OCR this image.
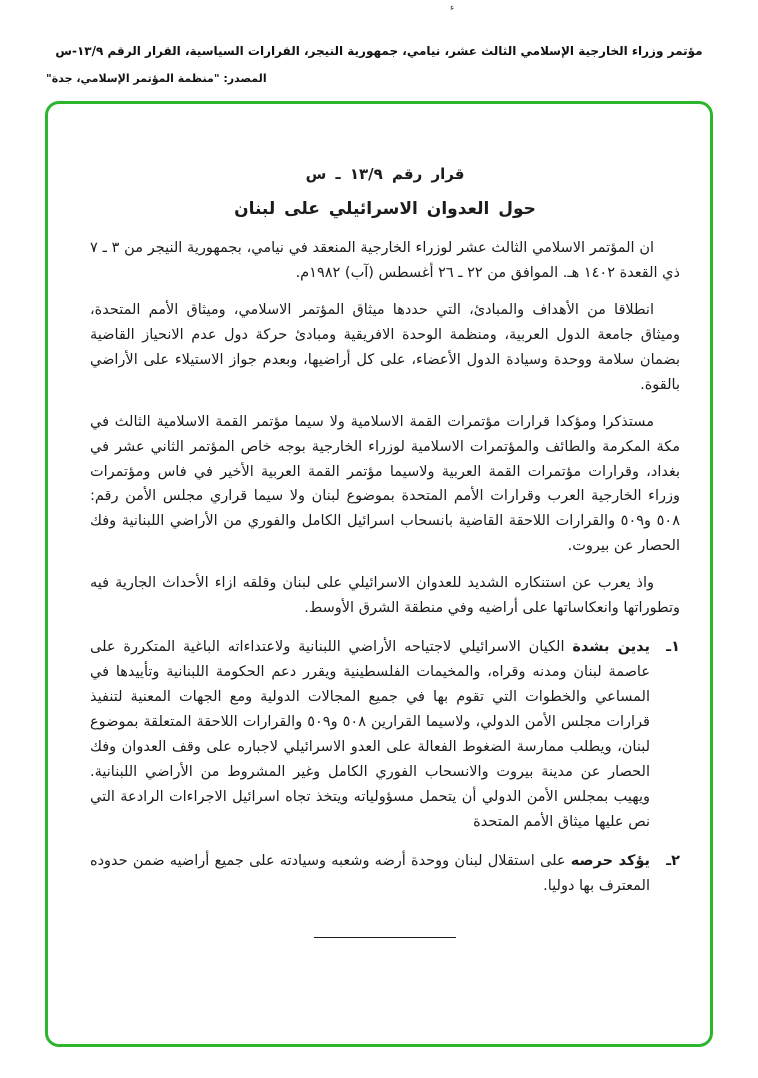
ء
مؤتمر وزراء الخارجية الإسلامي الثالث عشر، نيامي، جمهورية النيجر، القرارات السياسية، القرار الرقم ١٣/٩-س
المصدر: "منظمة المؤتمر الإسلامي، جدة"
قرار رقم ١٣/٩ ـ س
حول العدوان الاسرائيلي على لبنان

ان المؤتمر الاسلامي الثالث عشر لوزراء الخارجية المنعقد في نيامي، بجمهورية النيجر من ٣ ـ ٧ ذي القعدة ١٤٠٢ هـ. الموافق من ٢٢ ـ ٢٦ أغسطس (آب) ١٩٨٢م.

انطلاقا من الأهداف والمبادئ، التي حددها ميثاق المؤتمر الاسلامي، وميثاق الأمم المتحدة، وميثاق جامعة الدول العربية، ومنظمة الوحدة الافريقية ومبادئ حركة دول عدم الانحياز القاضية بضمان سلامة ووحدة وسيادة الدول الأعضاء، على كل أراضيها، وبعدم جواز الاستيلاء على الأراضي بالقوة.

مستذكرا ومؤكدا قرارات مؤتمرات القمة الاسلامية ولا سيما مؤتمر القمة الاسلامية الثالث في مكة المكرمة والطائف والمؤتمرات الاسلامية لوزراء الخارجية بوجه خاص المؤتمر الثاني عشر في بغداد، وقرارات مؤتمرات القمة العربية ولاسيما مؤتمر القمة العربية الأخير في فاس ومؤتمرات وزراء الخارجية العرب وقرارات الأمم المتحدة بموضوع لبنان ولا سيما قراري مجلس الأمن رقم: ٥٠٨ و٥٠٩ والقرارات اللاحقة القاضية بانسحاب اسرائيل الكامل والفوري من الأراضي اللبنانية وفك الحصار عن بيروت.

واذ يعرب عن استنكاره الشديد للعدوان الاسرائيلي على لبنان وقلقه ازاء الأحداث الجارية فيه وتطوراتها وانعكاساتها على أراضيه وفي منطقة الشرق الأوسط.

١ـ
يدين بشدة الكيان الاسرائيلي لاجتياحه الأراضي اللبنانية ولاعتداءاته الباغية المتكررة على عاصمة لبنان ومدنه وقراه، والمخيمات الفلسطينية ويقرر دعم الحكومة اللبنانية وتأييدها في المساعي والخطوات التي تقوم بها في جميع المجالات الدولية ومع الجهات المعنية لتنفيذ قرارات مجلس الأمن الدولي، ولاسيما القرارين ٥٠٨ و٥٠٩ والقرارات اللاحقة المتعلقة بموضوع لبنان، ويطلب ممارسة الضغوط الفعالة على العدو الاسرائيلي لاجباره على وقف العدوان وفك الحصار عن مدينة بيروت والانسحاب الفوري الكامل وغير المشروط من الأراضي اللبنانية. ويهيب بمجلس الأمن الدولي أن يتحمل مسؤولياته ويتخذ تجاه اسرائيل الاجراءات الرادعة التي نص عليها ميثاق الأمم المتحدة
٢ـ
يؤكد حرصه على استقلال لبنان ووحدة أرضه وشعبه وسيادته على جميع أراضيه ضمن حدوده المعترف بها دوليا.
